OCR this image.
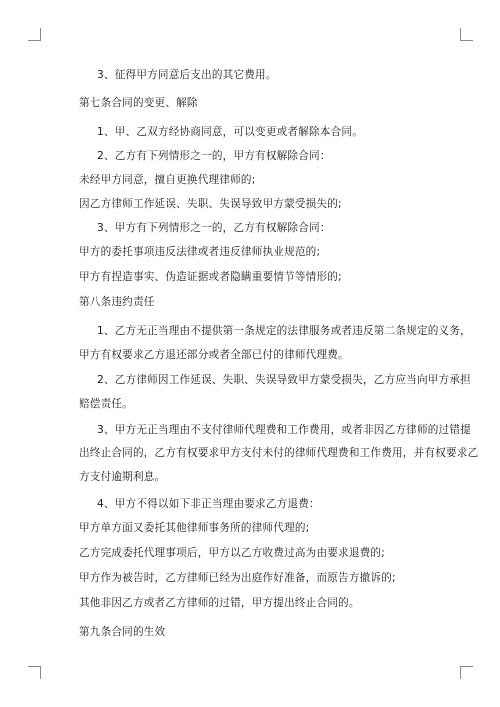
3、征得甲方同意后支出的其它费用。
第七条合同的变更、解除
1、甲、乙双方经协商同意，可以变更或者解除本合同。
2、乙方有下列情形之一的，甲方有权解除合同：
未经甲方同意，擅自更换代理律师的;
因乙方律师工作延误、失职、失误导致甲方蒙受损失的;
3、甲方有下列情形之一的，乙方有权解除合同：
甲方的委托事项违反法律或者违反律师执业规范的;
甲方有捏造事实、伪造证据或者隐瞒重要情节等情形的;
第八条违约责任
1、乙方无正当理由不提供第一条规定的法律服务或者违反第二条规定的义务，
甲方有权要求乙方退还部分或者全部已付的律师代理费。
2、乙方律师因工作延误、失职、失误导致甲方蒙受损失，乙方应当向甲方承担
赔偿责任。
3、甲方无正当理由不支付律师代理费和工作费用，或者非因乙方律师的过错提
出终止合同的，乙方有权要求甲方支付未付的律师代理费和工作费用，并有权要求乙
方支付逾期利息。
4、甲方不得以如下非正当理由要求乙方退费：
甲方单方面又委托其他律师事务所的律师代理的;
乙方完成委托代理事项后，甲方以乙方收费过高为由要求退费的;
甲方作为被告时，乙方律师已经为出庭作好准备，而原告方撤诉的;
其他非因乙方或者乙方律师的过错，甲方提出终止合同的。
第九条合同的生效
